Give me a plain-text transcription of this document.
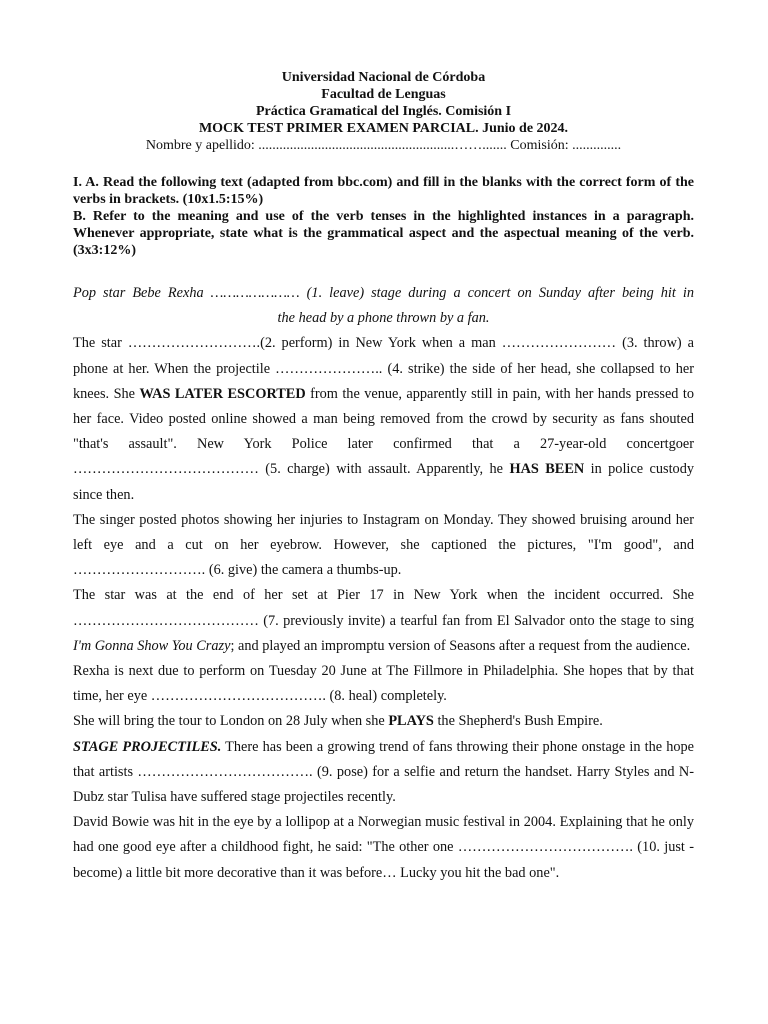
Universidad Nacional de Córdoba
Facultad de Lenguas
Práctica Gramatical del Inglés. Comisión I
MOCK TEST PRIMER EXAMEN PARCIAL. Junio de 2024.
Nombre y apellido: ........................................................……....... Comisión: ..............
I. A. Read the following text (adapted from bbc.com) and fill in the blanks with the correct form of the verbs in brackets. (10x1.5:15%)
B. Refer to the meaning and use of the verb tenses in the highlighted instances in a paragraph. Whenever appropriate, state what is the grammatical aspect and the aspectual meaning of the verb. (3x3:12%)

Pop star Bebe Rexha ………………… (1. leave) stage during a concert on Sunday after being hit in

the head by a phone thrown by a fan.

The star ……………………….(2. perform) in New York when a man …………………… (3. throw) a phone at her. When the projectile ………………….. (4. strike) the side of her head, she collapsed to her knees. She WAS LATER ESCORTED from the venue, apparently still in pain, with her hands pressed to her face. Video posted online showed a man being removed from the crowd by security as fans shouted "that's assault". New York Police later confirmed that a 27-year-old concertgoer ………………………………… (5. charge) with assault. Apparently, he HAS BEEN in police custody since then.

The singer posted photos showing her injuries to Instagram on Monday. They showed bruising around her left eye and a cut on her eyebrow. However, she captioned the pictures, "I'm good", and ………………………. (6. give) the camera a thumbs-up.

The star was at the end of her set at Pier 17 in New York when the incident occurred. She ………………………………… (7. previously invite) a tearful fan from El Salvador onto the stage to sing I'm Gonna Show You Crazy; and played an impromptu version of Seasons after a request from the audience.

Rexha is next due to perform on Tuesday 20 June at The Fillmore in Philadelphia. She hopes that by that time, her eye ………………………………. (8. heal) completely.

She will bring the tour to London on 28 July when she PLAYS the Shepherd's Bush Empire.

STAGE PROJECTILES. There has been a growing trend of fans throwing their phone onstage in the hope that artists ………………………………. (9. pose) for a selfie and return the handset. Harry Styles and N-Dubz star Tulisa have suffered stage projectiles recently.

David Bowie was hit in the eye by a lollipop at a Norwegian music festival in 2004. Explaining that he only had one good eye after a childhood fight, he said: "The other one ………………………………. (10. just - become) a little bit more decorative than it was before… Lucky you hit the bad one".
